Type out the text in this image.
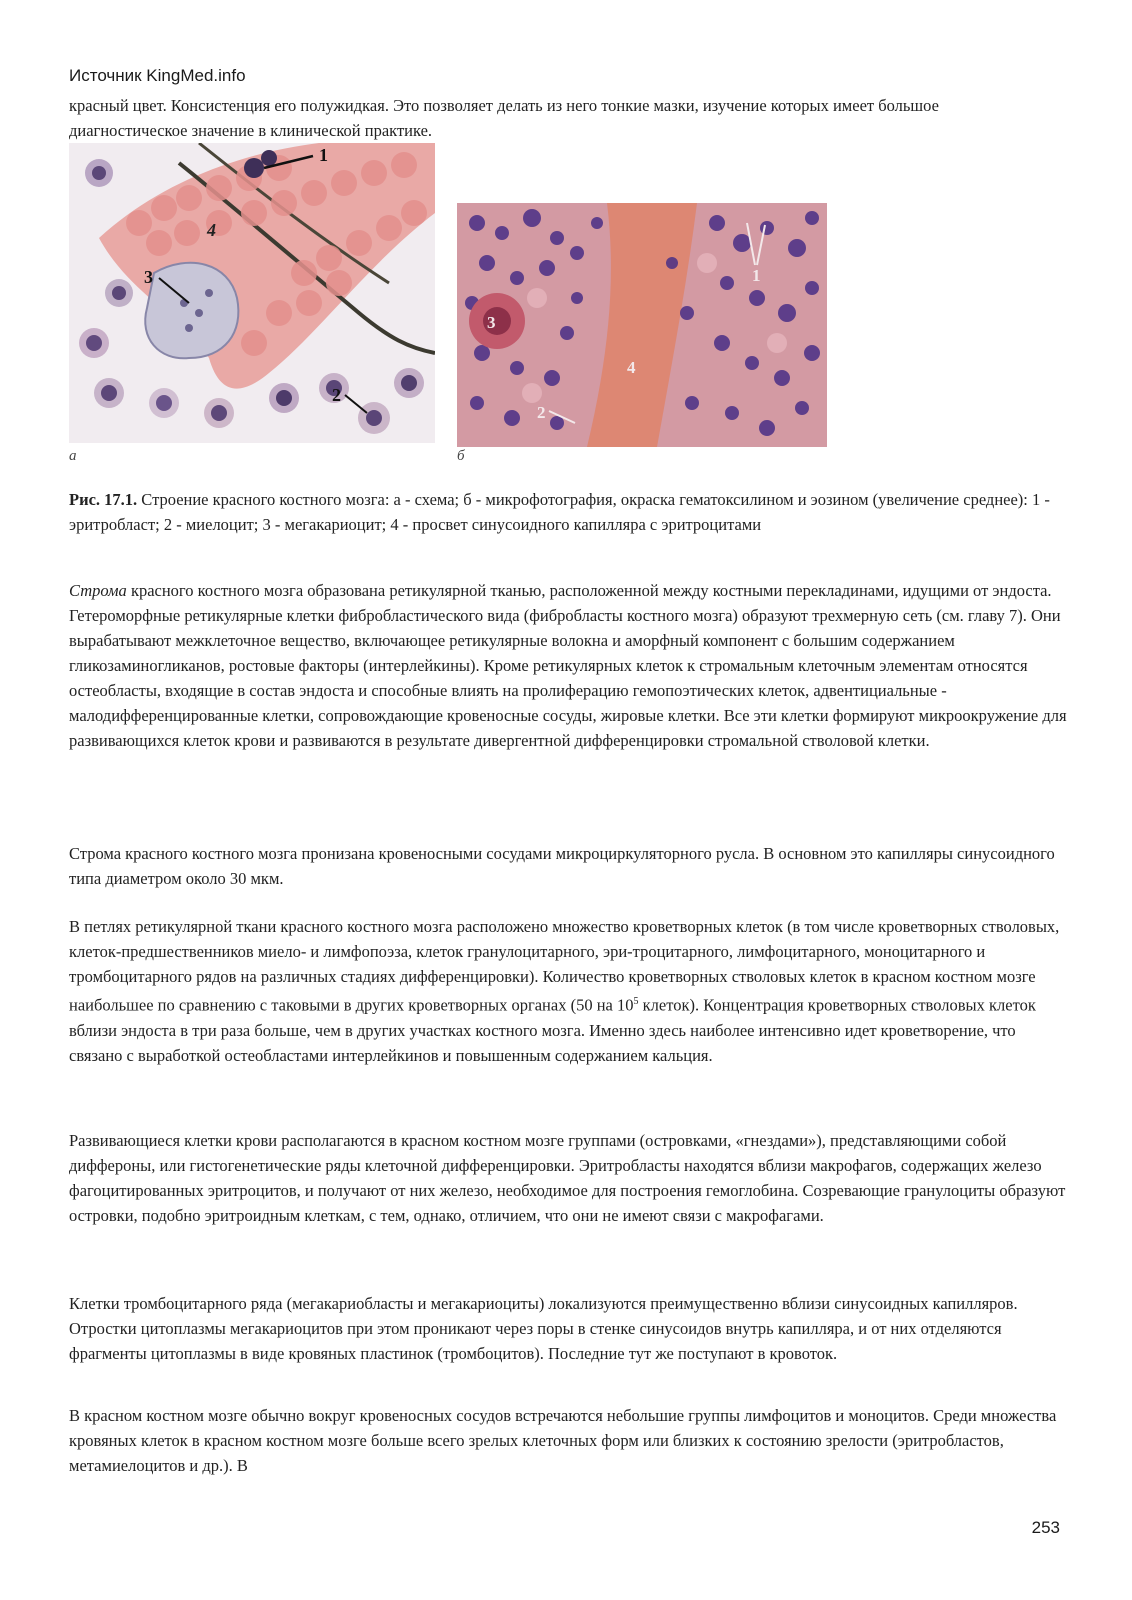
Источник KingMed.info

красный цвет. Консистенция его полужидкая. Это позволяет делать из него тонкие мазки, изучение которых имеет большое диагностическое значение в клинической практике.

1
4
3
2
а
3
1
4
2
б

Рис. 17.1. Строение красного костного мозга: а - схема; б - микрофотография, окраска гематоксилином и эозином (увеличение среднее): 1 - эритробласт; 2 - миелоцит; 3 - мегакариоцит; 4 - просвет синусоидного капилляра с эритроцитами

Строма красного костного мозга образована ретикулярной тканью, расположенной между костными перекладинами, идущими от эндоста. Гетероморфные ретикулярные клетки фибробластического вида (фибробласты костного мозга) образуют трехмерную сеть (см. главу 7). Они вырабатывают межклеточное вещество, включающее ретикулярные волокна и аморфный компонент с большим содержанием гликозаминогликанов, ростовые факторы (интерлейкины). Кроме ретикулярных клеток к стромальным клеточным элементам относятся остеобласты, входящие в состав эндоста и способные влиять на пролиферацию гемопоэтических клеток, адвентициальные - малодифференцированные клетки, сопровождающие кровеносные сосуды, жировые клетки. Все эти клетки формируют микроокружение для развивающихся клеток крови и развиваются в результате дивергентной дифференцировки стромальной стволовой клетки.

Строма красного костного мозга пронизана кровеносными сосудами микроциркуляторного русла. В основном это капилляры синусоидного типа диаметром около 30 мкм.

В петлях ретикулярной ткани красного костного мозга расположено множество кроветворных клеток (в том числе кроветворных стволовых, клеток-предшественников миело- и лимфопоэза, клеток гранулоцитарного, эри-троцитарного, лимфоцитарного, моноцитарного и тромбоцитарного рядов на различных стадиях дифференцировки). Количество кроветворных стволовых клеток в красном костном мозге наибольшее по сравнению с таковыми в других кроветворных органах (50 на $10^5$ клеток). Концентрация кроветворных стволовых клеток вблизи эндоста в три раза больше, чем в других участках костного мозга. Именно здесь наиболее интенсивно идет кроветворение, что связано с выработкой остеобластами интерлейкинов и повышенным содержанием кальция.

Развивающиеся клетки крови располагаются в красном костном мозге группами (островками, «гнездами»), представляющими собой диффероны, или гистогенетические ряды клеточной дифференцировки. Эритробласты находятся вблизи макрофагов, содержащих железо фагоцитированных эритроцитов, и получают от них железо, необходимое для построения гемоглобина. Созревающие гранулоциты образуют островки, подобно эритроидным клеткам, с тем, однако, отличием, что они не имеют связи с макрофагами.

Клетки тромбоцитарного ряда (мегакариобласты и мегакариоциты) локализуются преимущественно вблизи синусоидных капилляров. Отростки цитоплазмы мегакариоцитов при этом проникают через поры в стенке синусоидов внутрь капилляра, и от них отделяются фрагменты цитоплазмы в виде кровяных пластинок (тромбоцитов). Последние тут же поступают в кровоток.

В красном костном мозге обычно вокруг кровеносных сосудов встречаются небольшие группы лимфоцитов и моноцитов. Среди множества кровяных клеток в красном костном мозге больше всего зрелых клеточных форм или близких к состоянию зрелости (эритробластов, метамиелоцитов и др.). В

253
